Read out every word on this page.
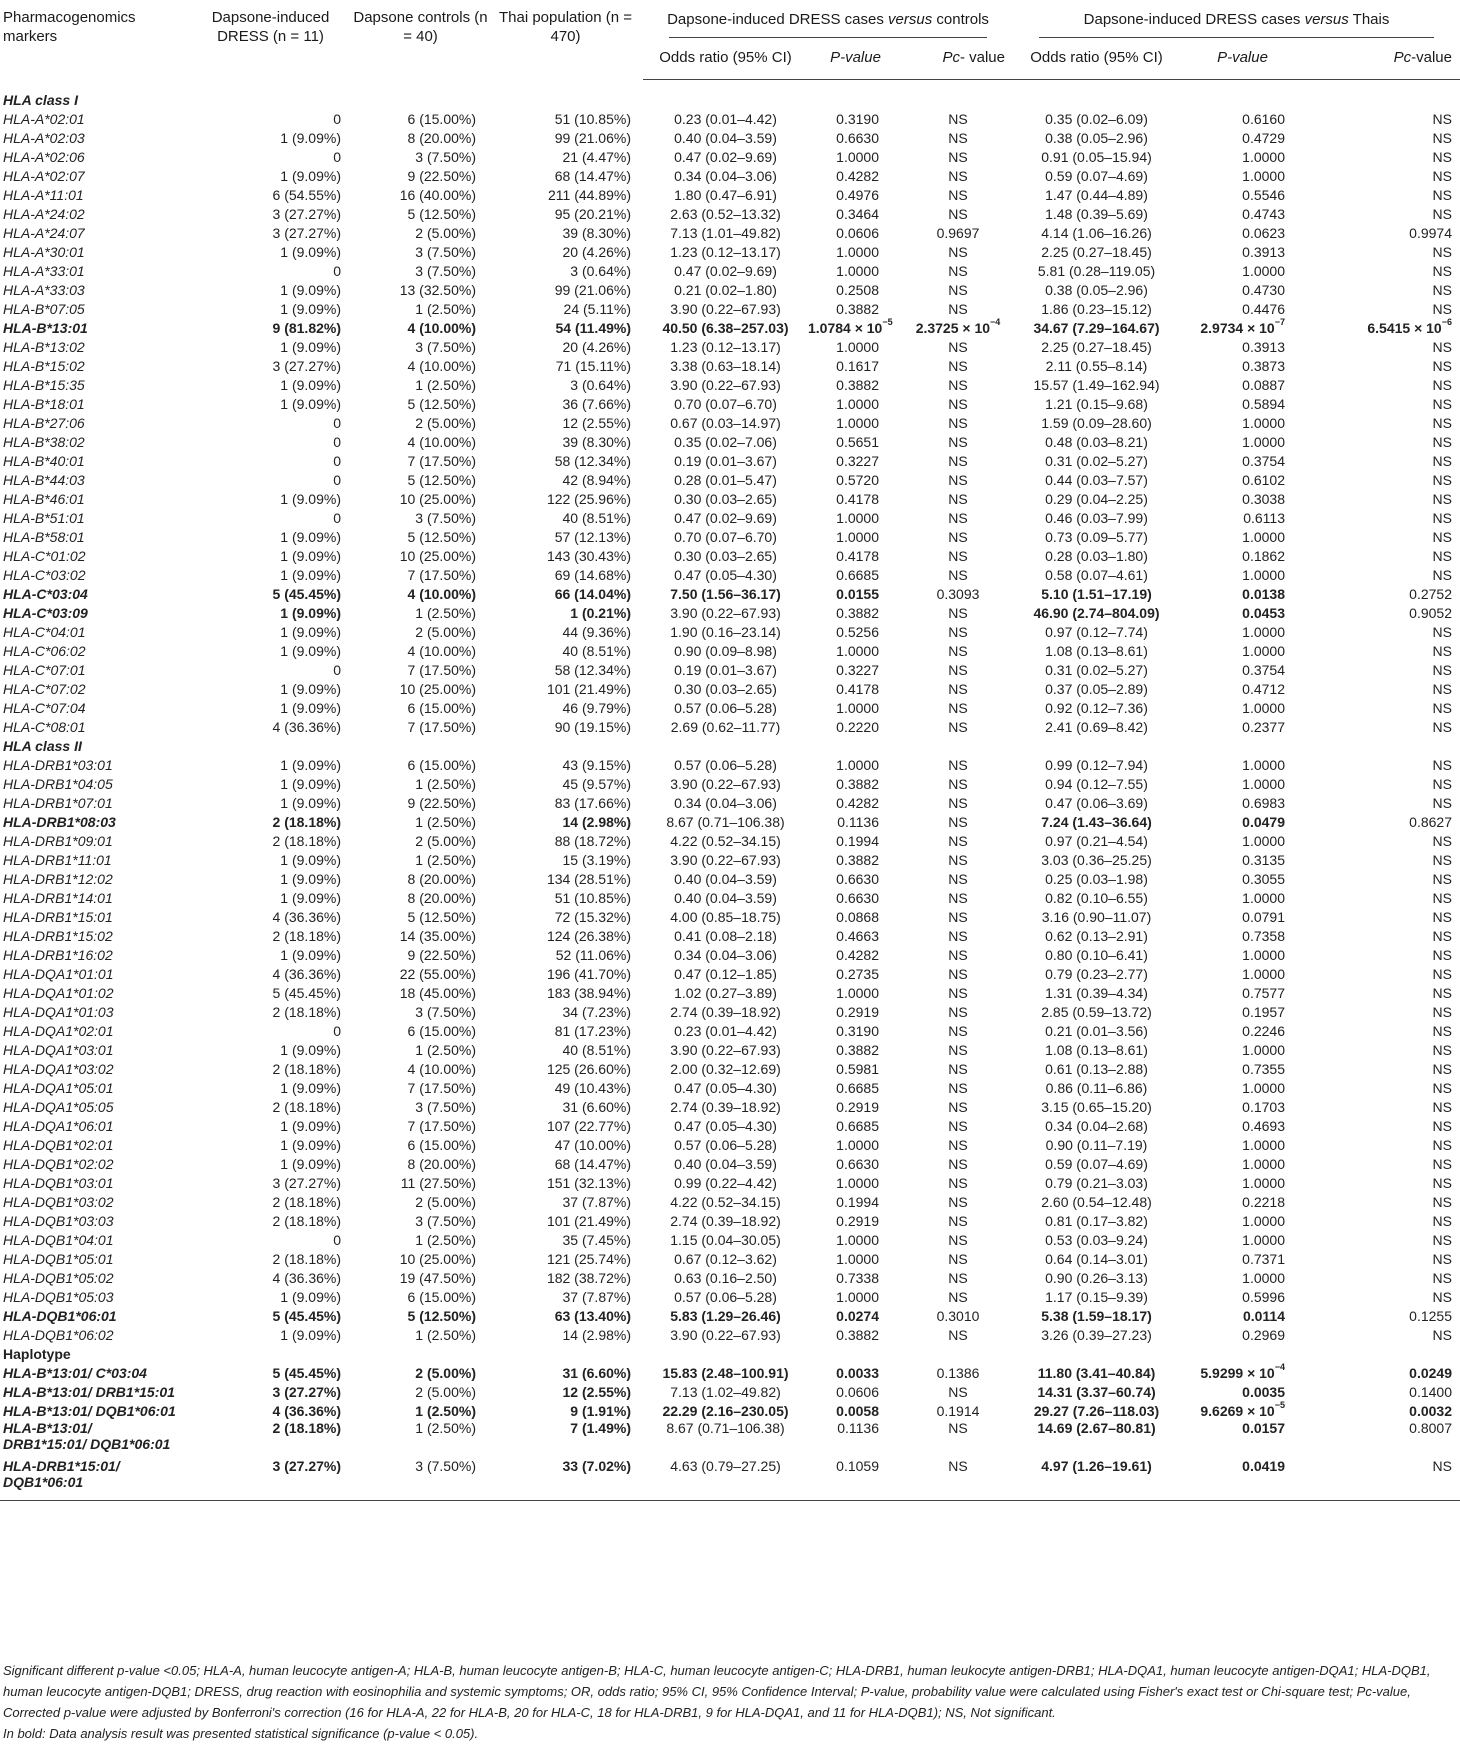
Pharmacogenomics markers	Dapsone-induced DRESS (n = 11)	Dapsone controls (n = 40)	Thai population (n = 470)	Dapsone-induced DRESS cases versus controls			Dapsone-induced DRESS cases versus Thais		

				Odds ratio (95% CI)	P-value	Pc- value	Odds ratio (95% CI)	P-value	Pc-value
HLA class I									
HLA-A*02:01	0	6 (15.00%)	51 (10.85%)	0.23 (0.01–4.42)	0.3190	NS	0.35 (0.02–6.09)	0.6160	NS
HLA-A*02:03	1 (9.09%)	8 (20.00%)	99 (21.06%)	0.40 (0.04–3.59)	0.6630	NS	0.38 (0.05–2.96)	0.4729	NS
HLA-A*02:06	0	3 (7.50%)	21 (4.47%)	0.47 (0.02–9.69)	1.0000	NS	0.91 (0.05–15.94)	1.0000	NS
HLA-A*02:07	1 (9.09%)	9 (22.50%)	68 (14.47%)	0.34 (0.04–3.06)	0.4282	NS	0.59 (0.07–4.69)	1.0000	NS
HLA-A*11:01	6 (54.55%)	16 (40.00%)	211 (44.89%)	1.80 (0.47–6.91)	0.4976	NS	1.47 (0.44–4.89)	0.5546	NS
HLA-A*24:02	3 (27.27%)	5 (12.50%)	95 (20.21%)	2.63 (0.52–13.32)	0.3464	NS	1.48 (0.39–5.69)	0.4743	NS
HLA-A*24:07	3 (27.27%)	2 (5.00%)	39 (8.30%)	7.13 (1.01–49.82)	0.0606	0.9697	4.14 (1.06–16.26)	0.0623	0.9974
HLA-A*30:01	1 (9.09%)	3 (7.50%)	20 (4.26%)	1.23 (0.12–13.17)	1.0000	NS	2.25 (0.27–18.45)	0.3913	NS
HLA-A*33:01	0	3 (7.50%)	3 (0.64%)	0.47 (0.02–9.69)	1.0000	NS	5.81 (0.28–119.05)	1.0000	NS
HLA-A*33:03	1 (9.09%)	13 (32.50%)	99 (21.06%)	0.21 (0.02–1.80)	0.2508	NS	0.38 (0.05–2.96)	0.4730	NS
HLA-B*07:05	1 (9.09%)	1 (2.50%)	24 (5.11%)	3.90 (0.22–67.93)	0.3882	NS	1.86 (0.23–15.12)	0.4476	NS
HLA-B*13:01	9 (81.82%)	4 (10.00%)	54 (11.49%)	40.50 (6.38–257.03)	$1.0784 \times 10^{-5}$	$2.3725 \times 10^{-4}$	34.67 (7.29–164.67)	$2.9734 \times 10^{-7}$	$6.5415 \times 10^{-6}$
HLA-B*13:02	1 (9.09%)	3 (7.50%)	20 (4.26%)	1.23 (0.12–13.17)	1.0000	NS	2.25 (0.27–18.45)	0.3913	NS
HLA-B*15:02	3 (27.27%)	4 (10.00%)	71 (15.11%)	3.38 (0.63–18.14)	0.1617	NS	2.11 (0.55–8.14)	0.3873	NS
HLA-B*15:35	1 (9.09%)	1 (2.50%)	3 (0.64%)	3.90 (0.22–67.93)	0.3882	NS	15.57 (1.49–162.94)	0.0887	NS
HLA-B*18:01	1 (9.09%)	5 (12.50%)	36 (7.66%)	0.70 (0.07–6.70)	1.0000	NS	1.21 (0.15–9.68)	0.5894	NS
HLA-B*27:06	0	2 (5.00%)	12 (2.55%)	0.67 (0.03–14.97)	1.0000	NS	1.59 (0.09–28.60)	1.0000	NS
HLA-B*38:02	0	4 (10.00%)	39 (8.30%)	0.35 (0.02–7.06)	0.5651	NS	0.48 (0.03–8.21)	1.0000	NS
HLA-B*40:01	0	7 (17.50%)	58 (12.34%)	0.19 (0.01–3.67)	0.3227	NS	0.31 (0.02–5.27)	0.3754	NS
HLA-B*44:03	0	5 (12.50%)	42 (8.94%)	0.28 (0.01–5.47)	0.5720	NS	0.44 (0.03–7.57)	0.6102	NS
HLA-B*46:01	1 (9.09%)	10 (25.00%)	122 (25.96%)	0.30 (0.03–2.65)	0.4178	NS	0.29 (0.04–2.25)	0.3038	NS
HLA-B*51:01	0	3 (7.50%)	40 (8.51%)	0.47 (0.02–9.69)	1.0000	NS	0.46 (0.03–7.99)	0.6113	NS
HLA-B*58:01	1 (9.09%)	5 (12.50%)	57 (12.13%)	0.70 (0.07–6.70)	1.0000	NS	0.73 (0.09–5.77)	1.0000	NS
HLA-C*01:02	1 (9.09%)	10 (25.00%)	143 (30.43%)	0.30 (0.03–2.65)	0.4178	NS	0.28 (0.03–1.80)	0.1862	NS
HLA-C*03:02	1 (9.09%)	7 (17.50%)	69 (14.68%)	0.47 (0.05–4.30)	0.6685	NS	0.58 (0.07–4.61)	1.0000	NS
HLA-C*03:04	5 (45.45%)	4 (10.00%)	66 (14.04%)	7.50 (1.56–36.17)	0.0155	0.3093	5.10 (1.51–17.19)	0.0138	0.2752
HLA-C*03:09	1 (9.09%)	1 (2.50%)	1 (0.21%)	3.90 (0.22–67.93)	0.3882	NS	46.90 (2.74–804.09)	0.0453	0.9052
HLA-C*04:01	1 (9.09%)	2 (5.00%)	44 (9.36%)	1.90 (0.16–23.14)	0.5256	NS	0.97 (0.12–7.74)	1.0000	NS
HLA-C*06:02	1 (9.09%)	4 (10.00%)	40 (8.51%)	0.90 (0.09–8.98)	1.0000	NS	1.08 (0.13–8.61)	1.0000	NS
HLA-C*07:01	0	7 (17.50%)	58 (12.34%)	0.19 (0.01–3.67)	0.3227	NS	0.31 (0.02–5.27)	0.3754	NS
HLA-C*07:02	1 (9.09%)	10 (25.00%)	101 (21.49%)	0.30 (0.03–2.65)	0.4178	NS	0.37 (0.05–2.89)	0.4712	NS
HLA-C*07:04	1 (9.09%)	6 (15.00%)	46 (9.79%)	0.57 (0.06–5.28)	1.0000	NS	0.92 (0.12–7.36)	1.0000	NS
HLA-C*08:01	4 (36.36%)	7 (17.50%)	90 (19.15%)	2.69 (0.62–11.77)	0.2220	NS	2.41 (0.69–8.42)	0.2377	NS
HLA class II									
HLA-DRB1*03:01	1 (9.09%)	6 (15.00%)	43 (9.15%)	0.57 (0.06–5.28)	1.0000	NS	0.99 (0.12–7.94)	1.0000	NS
HLA-DRB1*04:05	1 (9.09%)	1 (2.50%)	45 (9.57%)	3.90 (0.22–67.93)	0.3882	NS	0.94 (0.12–7.55)	1.0000	NS
HLA-DRB1*07:01	1 (9.09%)	9 (22.50%)	83 (17.66%)	0.34 (0.04–3.06)	0.4282	NS	0.47 (0.06–3.69)	0.6983	NS
HLA-DRB1*08:03	2 (18.18%)	1 (2.50%)	14 (2.98%)	8.67 (0.71–106.38)	0.1136	NS	7.24 (1.43–36.64)	0.0479	0.8627
HLA-DRB1*09:01	2 (18.18%)	2 (5.00%)	88 (18.72%)	4.22 (0.52–34.15)	0.1994	NS	0.97 (0.21–4.54)	1.0000	NS
HLA-DRB1*11:01	1 (9.09%)	1 (2.50%)	15 (3.19%)	3.90 (0.22–67.93)	0.3882	NS	3.03 (0.36–25.25)	0.3135	NS
HLA-DRB1*12:02	1 (9.09%)	8 (20.00%)	134 (28.51%)	0.40 (0.04–3.59)	0.6630	NS	0.25 (0.03–1.98)	0.3055	NS
HLA-DRB1*14:01	1 (9.09%)	8 (20.00%)	51 (10.85%)	0.40 (0.04–3.59)	0.6630	NS	0.82 (0.10–6.55)	1.0000	NS
HLA-DRB1*15:01	4 (36.36%)	5 (12.50%)	72 (15.32%)	4.00 (0.85–18.75)	0.0868	NS	3.16 (0.90–11.07)	0.0791	NS
HLA-DRB1*15:02	2 (18.18%)	14 (35.00%)	124 (26.38%)	0.41 (0.08–2.18)	0.4663	NS	0.62 (0.13–2.91)	0.7358	NS
HLA-DRB1*16:02	1 (9.09%)	9 (22.50%)	52 (11.06%)	0.34 (0.04–3.06)	0.4282	NS	0.80 (0.10–6.41)	1.0000	NS
HLA-DQA1*01:01	4 (36.36%)	22 (55.00%)	196 (41.70%)	0.47 (0.12–1.85)	0.2735	NS	0.79 (0.23–2.77)	1.0000	NS
HLA-DQA1*01:02	5 (45.45%)	18 (45.00%)	183 (38.94%)	1.02 (0.27–3.89)	1.0000	NS	1.31 (0.39–4.34)	0.7577	NS
HLA-DQA1*01:03	2 (18.18%)	3 (7.50%)	34 (7.23%)	2.74 (0.39–18.92)	0.2919	NS	2.85 (0.59–13.72)	0.1957	NS
HLA-DQA1*02:01	0	6 (15.00%)	81 (17.23%)	0.23 (0.01–4.42)	0.3190	NS	0.21 (0.01–3.56)	0.2246	NS
HLA-DQA1*03:01	1 (9.09%)	1 (2.50%)	40 (8.51%)	3.90 (0.22–67.93)	0.3882	NS	1.08 (0.13–8.61)	1.0000	NS
HLA-DQA1*03:02	2 (18.18%)	4 (10.00%)	125 (26.60%)	2.00 (0.32–12.69)	0.5981	NS	0.61 (0.13–2.88)	0.7355	NS
HLA-DQA1*05:01	1 (9.09%)	7 (17.50%)	49 (10.43%)	0.47 (0.05–4.30)	0.6685	NS	0.86 (0.11–6.86)	1.0000	NS
HLA-DQA1*05:05	2 (18.18%)	3 (7.50%)	31 (6.60%)	2.74 (0.39–18.92)	0.2919	NS	3.15 (0.65–15.20)	0.1703	NS
HLA-DQA1*06:01	1 (9.09%)	7 (17.50%)	107 (22.77%)	0.47 (0.05–4.30)	0.6685	NS	0.34 (0.04–2.68)	0.4693	NS
HLA-DQB1*02:01	1 (9.09%)	6 (15.00%)	47 (10.00%)	0.57 (0.06–5.28)	1.0000	NS	0.90 (0.11–7.19)	1.0000	NS
HLA-DQB1*02:02	1 (9.09%)	8 (20.00%)	68 (14.47%)	0.40 (0.04–3.59)	0.6630	NS	0.59 (0.07–4.69)	1.0000	NS
HLA-DQB1*03:01	3 (27.27%)	11 (27.50%)	151 (32.13%)	0.99 (0.22–4.42)	1.0000	NS	0.79 (0.21–3.03)	1.0000	NS
HLA-DQB1*03:02	2 (18.18%)	2 (5.00%)	37 (7.87%)	4.22 (0.52–34.15)	0.1994	NS	2.60 (0.54–12.48)	0.2218	NS
HLA-DQB1*03:03	2 (18.18%)	3 (7.50%)	101 (21.49%)	2.74 (0.39–18.92)	0.2919	NS	0.81 (0.17–3.82)	1.0000	NS
HLA-DQB1*04:01	0	1 (2.50%)	35 (7.45%)	1.15 (0.04–30.05)	1.0000	NS	0.53 (0.03–9.24)	1.0000	NS
HLA-DQB1*05:01	2 (18.18%)	10 (25.00%)	121 (25.74%)	0.67 (0.12–3.62)	1.0000	NS	0.64 (0.14–3.01)	0.7371	NS
HLA-DQB1*05:02	4 (36.36%)	19 (47.50%)	182 (38.72%)	0.63 (0.16–2.50)	0.7338	NS	0.90 (0.26–3.13)	1.0000	NS
HLA-DQB1*05:03	1 (9.09%)	6 (15.00%)	37 (7.87%)	0.57 (0.06–5.28)	1.0000	NS	1.17 (0.15–9.39)	0.5996	NS
HLA-DQB1*06:01	5 (45.45%)	5 (12.50%)	63 (13.40%)	5.83 (1.29–26.46)	0.0274	0.3010	5.38 (1.59–18.17)	0.0114	0.1255
HLA-DQB1*06:02	1 (9.09%)	1 (2.50%)	14 (2.98%)	3.90 (0.22–67.93)	0.3882	NS	3.26 (0.39–27.23)	0.2969	NS
Haplotype									
HLA-B*13:01/ C*03:04	5 (45.45%)	2 (5.00%)	31 (6.60%)	15.83 (2.48–100.91)	0.0033	0.1386	11.80 (3.41–40.84)	$5.9299 \times 10^{-4}$	0.0249
HLA-B*13:01/ DRB1*15:01	3 (27.27%)	2 (5.00%)	12 (2.55%)	7.13 (1.02–49.82)	0.0606	NS	14.31 (3.37–60.74)	0.0035	0.1400
HLA-B*13:01/ DQB1*06:01	4 (36.36%)	1 (2.50%)	9 (1.91%)	22.29 (2.16–230.05)	0.0058	0.1914	29.27 (7.26–118.03)	$9.6269 \times 10^{-5}$	0.0032

HLA-B*13:01/
DRB1*15:01/ DQB1*06:01	2 (18.18%)	1 (2.50%)	7 (1.49%)	8.67 (0.71–106.38)	0.1136	NS	14.69 (2.67–80.81)	0.0157	0.8007

HLA-DRB1*15:01/
DQB1*06:01	3 (27.27%)	3 (7.50%)	33 (7.02%)	4.63 (0.79–27.25)	0.1059	NS	4.97 (1.26–19.61)	0.0419	NS

Significant different p-value <0.05; HLA-A, human leucocyte antigen-A; HLA-B, human leucocyte antigen-B; HLA-C, human leucocyte antigen-C; HLA-DRB1, human leukocyte antigen-DRB1; HLA-DQA1, human leucocyte antigen-DQA1; HLA-DQB1, human leucocyte antigen-DQB1; DRESS, drug reaction with eosinophilia and systemic symptoms; OR, odds ratio; 95% CI, 95% Confidence Interval; P-value, probability value were calculated using Fisher's exact test or Chi-square test; Pc-value, Corrected p-value were adjusted by Bonferroni's correction (16 for HLA-A, 22 for HLA-B, 20 for HLA-C, 18 for HLA-DRB1, 9 for HLA-DQA1, and 11 for HLA-DQB1); NS, Not significant.

In bold: Data analysis result was presented statistical significance (p-value < 0.05).
